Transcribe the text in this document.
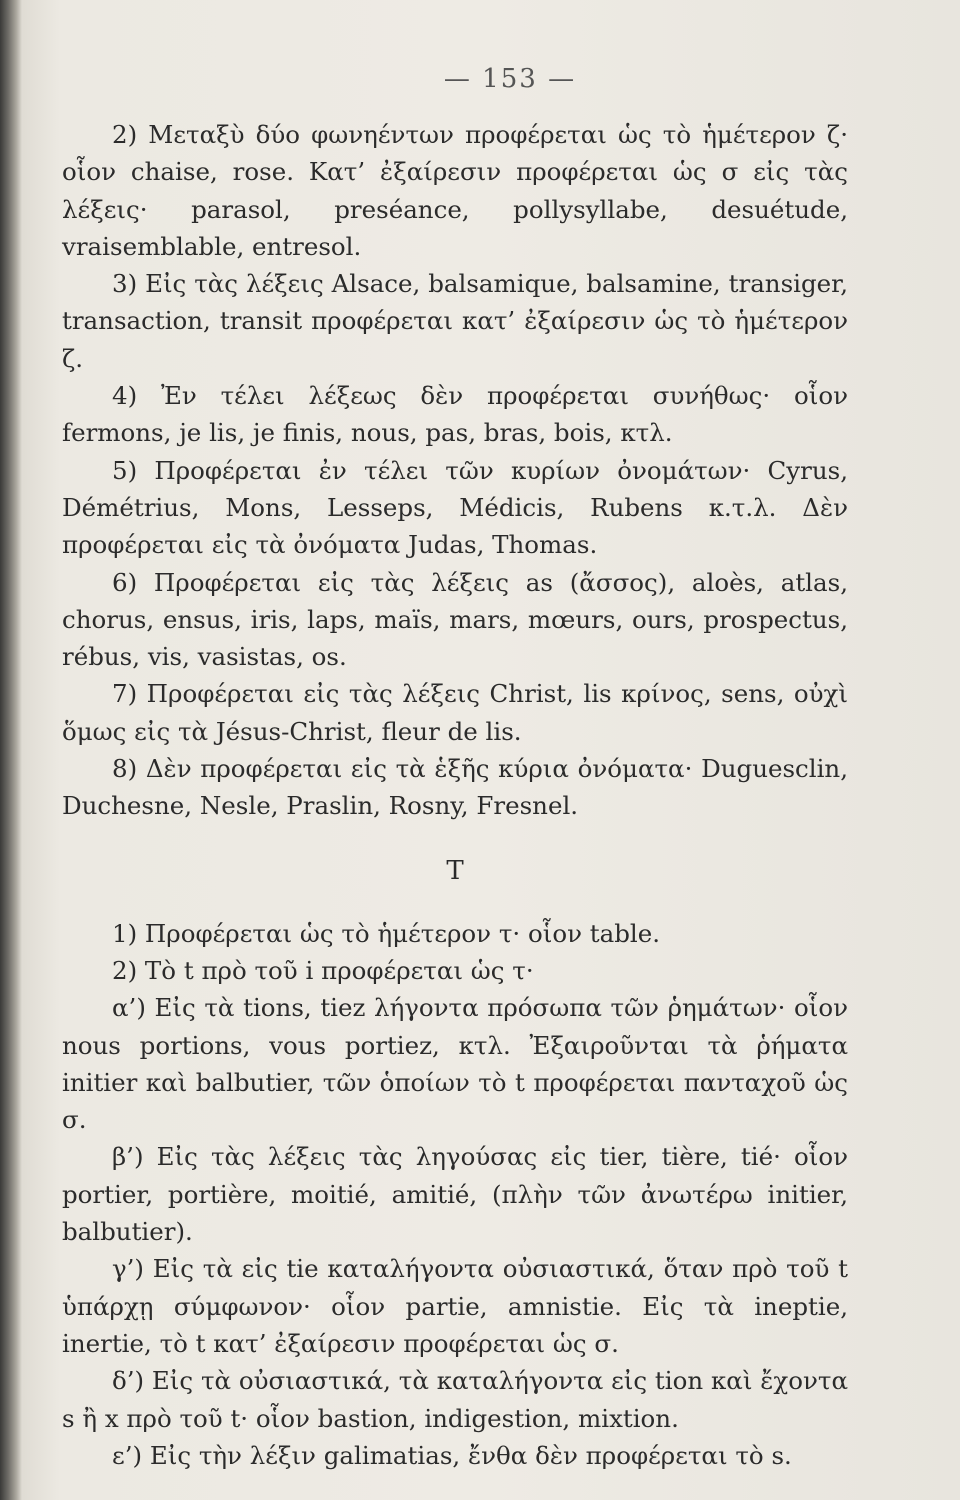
— 153 —

2) Μεταξὺ δύο φωνηέντων προφέρεται ὡς τὸ ἡμέτερον ζ· οἷον chaise, rose. Κατ’ ἐξαίρεσιν προφέρεται ὡς σ εἰς τὰς λέξεις· parasol, preséance, pollysyllabe, desuétude, vraisemblable, entresol.

3) Εἰς τὰς λέξεις Alsace, balsamique, balsamine, transiger, transaction, transit προφέρεται κατ’ ἐξαίρεσιν ὡς τὸ ἡμέτερον ζ.

4) Ἐν τέλει λέξεως δὲν προφέρεται συνήθως· οἷον fermons, je lis, je finis, nous, pas, bras, bois, κτλ.

5) Προφέρεται ἐν τέλει τῶν κυρίων ὀνομάτων· Cyrus, Démétrius, Mons, Lesseps, Médicis, Rubens κ.τ.λ. Δὲν προφέρεται εἰς τὰ ὀνόματα Judas, Thomas.

6) Προφέρεται εἰς τὰς λέξεις as (ἄσσος), aloès, atlas, chorus, ensus, iris, laps, maïs, mars, mœurs, ours, prospectus, rébus, vis, vasistas, os.

7) Προφέρεται εἰς τὰς λέξεις Christ, lis κρίνος, sens, οὐχὶ ὅμως εἰς τὰ Jésus-Christ, fleur de lis.

8) Δὲν προφέρεται εἰς τὰ ἑξῆς κύρια ὀνόματα· Duguesclin, Duchesne, Nesle, Praslin, Rosny, Fresnel.

T

1) Προφέρεται ὡς τὸ ἡμέτερον τ· οἷον table.

2) Τὸ t πρὸ τοῦ i προφέρεται ὡς τ·

α’) Εἰς τὰ tions, tiez λήγοντα πρόσωπα τῶν ῥημάτων· οἷον nous portions, vous portiez, κτλ. Ἐξαιροῦνται τὰ ῥήματα initier καὶ balbutier, τῶν ὁποίων τὸ t προφέρεται πανταχοῦ ὡς σ.

β’) Εἰς τὰς λέξεις τὰς ληγούσας εἰς tier, tière, tié· οἷον portier, portière, moitié, amitié, (πλὴν τῶν ἀνωτέρω initier, balbutier).

γ’) Εἰς τὰ εἰς tie καταλήγοντα οὐσιαστικά, ὅταν πρὸ τοῦ t ὑπάρχῃ σύμφωνον· οἷον partie, amnistie. Εἰς τὰ ineptie, inertie, τὸ t κατ’ ἐξαίρεσιν προφέρεται ὡς σ.

δ’) Εἰς τὰ οὐσιαστικά, τὰ καταλήγοντα εἰς tion καὶ ἔχοντα s ἢ x πρὸ τοῦ t· οἷον bastion, indigestion, mixtion.

ε’) Εἰς τὴν λέξιν galimatias, ἔνθα δὲν προφέρεται τὸ s.
